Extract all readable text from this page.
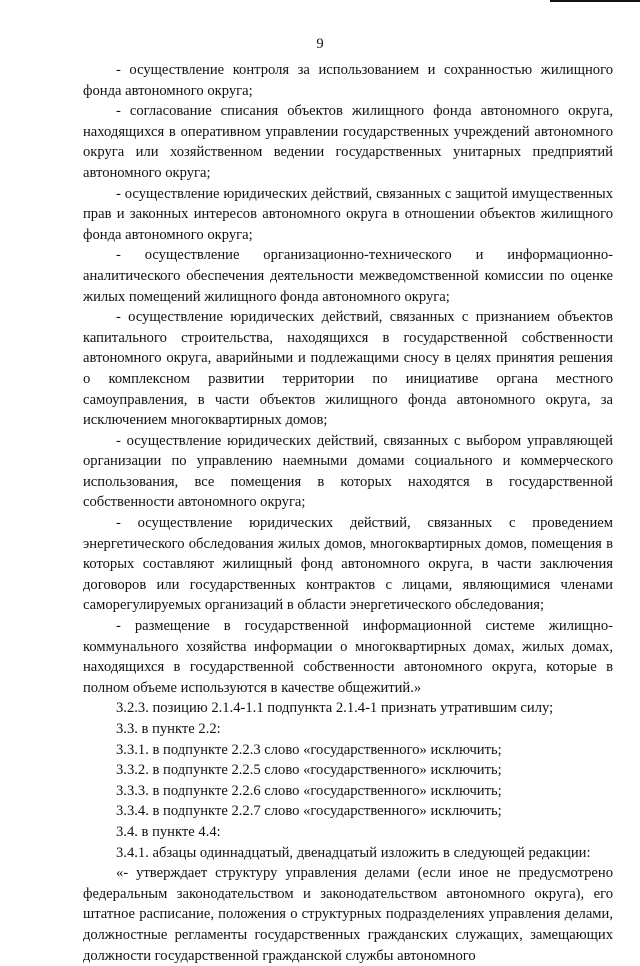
9

- осуществление контроля за использованием и сохранностью жилищного фонда автономного округа;

- согласование списания объектов жилищного фонда автономного округа, находящихся в оперативном управлении государственных учреждений автономного округа или хозяйственном ведении государственных унитарных предприятий автономного округа;

- осуществление юридических действий, связанных с защитой имущественных прав и законных интересов автономного округа в отношении объектов жилищного фонда автономного округа;

- осуществление организационно-технического и информационно-аналитического обеспечения деятельности межведомственной комиссии по оценке жилых помещений жилищного фонда автономного округа;

- осуществление юридических действий, связанных с признанием объектов капитального строительства, находящихся в государственной собственности автономного округа, аварийными и подлежащими сносу в целях принятия решения о комплексном развитии территории по инициативе органа местного самоуправления, в части объектов жилищного фонда автономного округа, за исключением многоквартирных домов;

- осуществление юридических действий, связанных с выбором управляющей организации по управлению наемными домами социального и коммерческого использования, все помещения в которых находятся в государственной собственности автономного округа;

- осуществление юридических действий, связанных с проведением энергетического обследования жилых домов, многоквартирных домов, помещения в которых составляют жилищный фонд автономного округа, в части заключения договоров или государственных контрактов с лицами, являющимися членами саморегулируемых организаций в области энергетического обследования;

- размещение в государственной информационной системе жилищно-коммунального хозяйства информации о многоквартирных домах, жилых домах, находящихся в государственной собственности автономного округа, которые в полном объеме используются в качестве общежитий.»

3.2.3. позицию 2.1.4-1.1 подпункта 2.1.4-1 признать утратившим силу;

3.3. в пункте 2.2:

3.3.1. в подпункте 2.2.3 слово «государственного» исключить;

3.3.2. в подпункте 2.2.5 слово «государственного» исключить;

3.3.3. в подпункте 2.2.6 слово «государственного» исключить;

3.3.4. в подпункте 2.2.7 слово «государственного» исключить;

3.4. в пункте 4.4:

3.4.1. абзацы одиннадцатый, двенадцатый изложить в следующей редакции:

«- утверждает структуру управления делами (если иное не предусмотрено федеральным законодательством и законодательством автономного округа), его штатное расписание, положения о структурных подразделениях управления делами, должностные регламенты государственных гражданских служащих, замещающих должности государственной гражданской службы автономного
